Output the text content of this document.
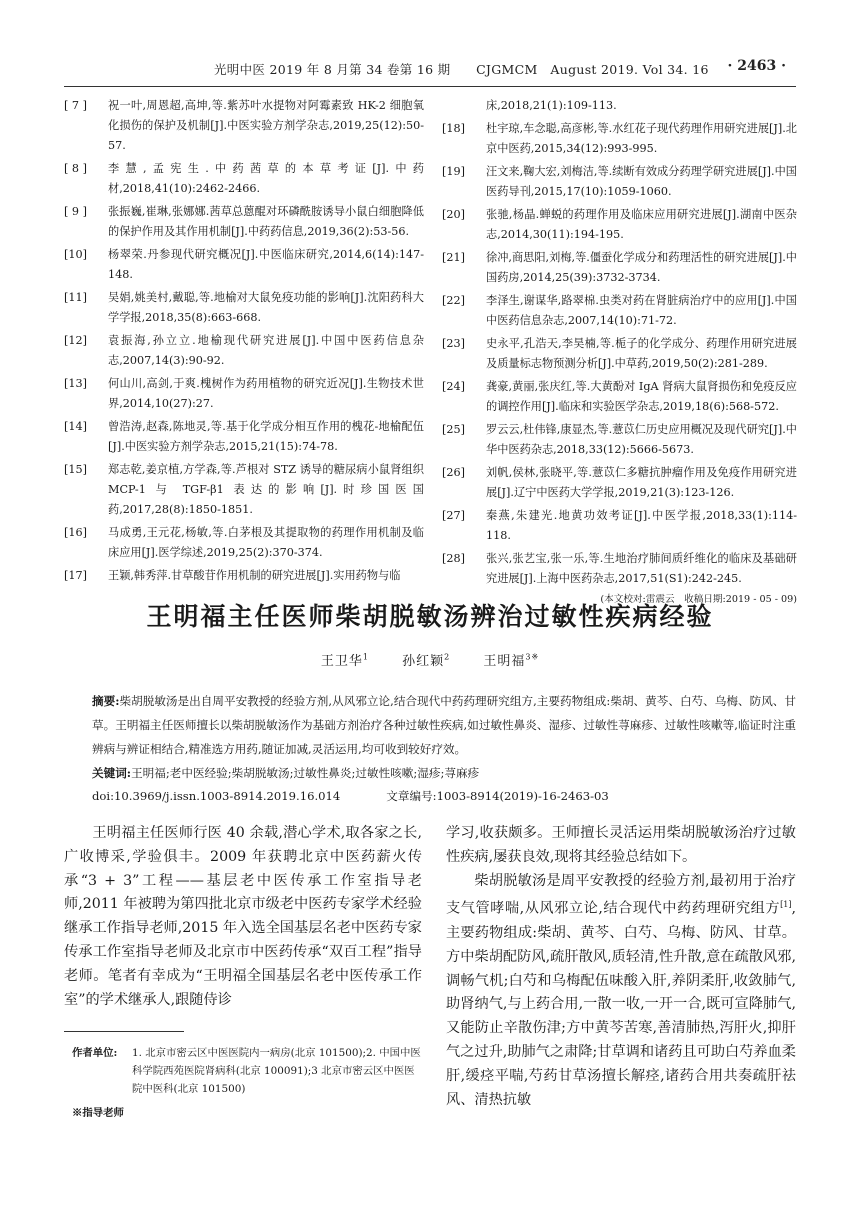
光明中医 2019 年 8 月第 34 卷第 16 期　　CJGMCM　August 2019. Vol 34. 16 · 2463 ·
[ 7 ]	祝一叶,周恩超,高坤,等.紫苏叶水提物对阿霉素致 HK-2 细胞氧化损伤的保护及机制[J].中医实验方剂学杂志,2019,25(12):50-57.
[ 8 ]	李慧,孟宪生.中药茜草的本草考证[J].中药材,2018,41(10):2462-2466.
[ 9 ]	张振巍,崔琳,张娜娜.茜草总蒽醌对环磷酰胺诱导小鼠白细胞降低的保护作用及其作用机制[J].中药药信息,2019,36(2):53-56.
[10]	杨翠荣.丹参现代研究概况[J].中医临床研究,2014,6(14):147-148.
[11]	吴娟,姚美村,戴聪,等.地榆对大鼠免疫功能的影响[J].沈阳药科大学学报,2018,35(8):663-668.
[12]	袁振海,孙立立.地榆现代研究进展[J].中国中医药信息杂志,2007,14(3):90-92.
[13]	何山川,高剑,于爽.槐树作为药用植物的研究近况[J].生物技术世界,2014,10(27):27.
[14]	曾浩涛,赵森,陈地灵,等.基于化学成分相互作用的槐花-地榆配伍[J].中医实验方剂学杂志,2015,21(15):74-78.
[15]	郑志乾,姜京植,方学森,等.芦根对 STZ 诱导的糖尿病小鼠肾组织 MCP-1 与 TGF-β1 表达的影响[J].时珍国医国药,2017,28(8):1850-1851.
[16]	马成勇,王元花,杨敏,等.白茅根及其提取物的药理作用机制及临床应用[J].医学综述,2019,25(2):370-374.
[17]	王颖,韩秀萍.甘草酸苷作用机制的研究进展[J].实用药物与临
床,2018,21(1):109-113.
[18]	杜宇琼,车念聪,高彦彬,等.水红花子现代药理作用研究进展[J].北京中医药,2015,34(12):993-995.
[19]	汪文来,鞠大宏,刘梅洁,等.续断有效成分药理学研究进展[J].中国医药导刊,2015,17(10):1059-1060.
[20]	张驰,杨晶.蝉蜕的药理作用及临床应用研究进展[J].湖南中医杂志,2014,30(11):194-195.
[21]	徐冲,商思阳,刘梅,等.僵蚕化学成分和药理活性的研究进展[J].中国药房,2014,25(39):3732-3734.
[22]	李泽生,谢谋华,路翠棉.虫类对药在肾脏病治疗中的应用[J].中国中医药信息杂志,2007,14(10):71-72.
[23]	史永平,孔浩天,李昊楠,等.栀子的化学成分、药理作用研究进展及质量标志物预测分析[J].中草药,2019,50(2):281-289.
[24]	龚豪,黄丽,张庆红,等.大黄酚对 IgA 肾病大鼠肾损伤和免疫反应的调控作用[J].临床和实验医学杂志,2019,18(6):568-572.
[25]	罗云云,杜伟锋,康显杰,等.薏苡仁历史应用概况及现代研究[J].中华中医药杂志,2018,33(12):5666-5673.
[26]	刘帆,侯林,张晓平,等.薏苡仁多糖抗肿瘤作用及免疫作用研究进展[J].辽宁中医药大学学报,2019,21(3):123-126.
[27]	秦燕,朱建光.地黄功效考证[J].中医学报,2018,33(1):114-118.
[28]	张兴,张艺宝,张一乐,等.生地治疗肺间质纤维化的临床及基础研究进展[J].上海中医药杂志,2017,51(S1):242-245.
(本文校对:雷震云　收稿日期:2019 - 05 - 09)
王明福主任医师柴胡脱敏汤辨治过敏性疾病经验
王卫华$^1$	孙红颖$^2$	王明福$^{3※}$
摘要:柴胡脱敏汤是出自周平安教授的经验方剂,从风邪立论,结合现代中药药理研究组方,主要药物组成:柴胡、黄芩、白芍、乌梅、防风、甘草。王明福主任医师擅长以柴胡脱敏汤作为基础方剂治疗各种过敏性疾病,如过敏性鼻炎、湿疹、过敏性荨麻疹、过敏性咳嗽等,临证时注重辨病与辨证相结合,精准选方用药,随证加减,灵活运用,均可收到较好疗效。
关键词:王明福;老中医经验;柴胡脱敏汤;过敏性鼻炎;过敏性咳嗽;湿疹;荨麻疹
doi:10.3969/j.issn.1003-8914.2019.16.014	文章编号:1003-8914(2019)-16-2463-03

王明福主任医师行医 40 余载,潜心学术,取各家之长,广收博采,学验俱丰。2009 年获聘北京中医药薪火传承“3 + 3”工程——基层老中医传承工作室指导老师,2011 年被聘为第四批北京市级老中医药专家学术经验继承工作指导老师,2015 年入选全国基层名老中医药专家传承工作室指导老师及北京市中医药传承“双百工程”指导老师。笔者有幸成为“王明福全国基层名老中医传承工作室”的学术继承人,跟随侍诊

学习,收获颇多。王师擅长灵活运用柴胡脱敏汤治疗过敏性疾病,屡获良效,现将其经验总结如下。

柴胡脱敏汤是周平安教授的经验方剂,最初用于治疗支气管哮喘,从风邪立论,结合现代中药药理研究组方[1],主要药物组成:柴胡、黄芩、白芍、乌梅、防风、甘草。方中柴胡配防风,疏肝散风,质轻清,性升散,意在疏散风邪,调畅气机;白芍和乌梅配伍味酸入肝,养阴柔肝,收敛肺气,助肾纳气,与上药合用,一散一收,一开一合,既可宣降肺气,又能防止辛散伤津;方中黄芩苦寒,善清肺热,泻肝火,抑肝气之过升,助肺气之肃降;甘草调和诸药且可助白芍养血柔肝,缓痉平喘,芍药甘草汤擅长解痉,诸药合用共奏疏肝祛风、清热抗敏

作者单位:	1. 北京市密云区中医医院内一病房(北京 101500);2. 中国中医科学院西苑医院肾病科(北京 100091);3 北京市密云区中医医院中医科(北京 101500)
※指导老师
